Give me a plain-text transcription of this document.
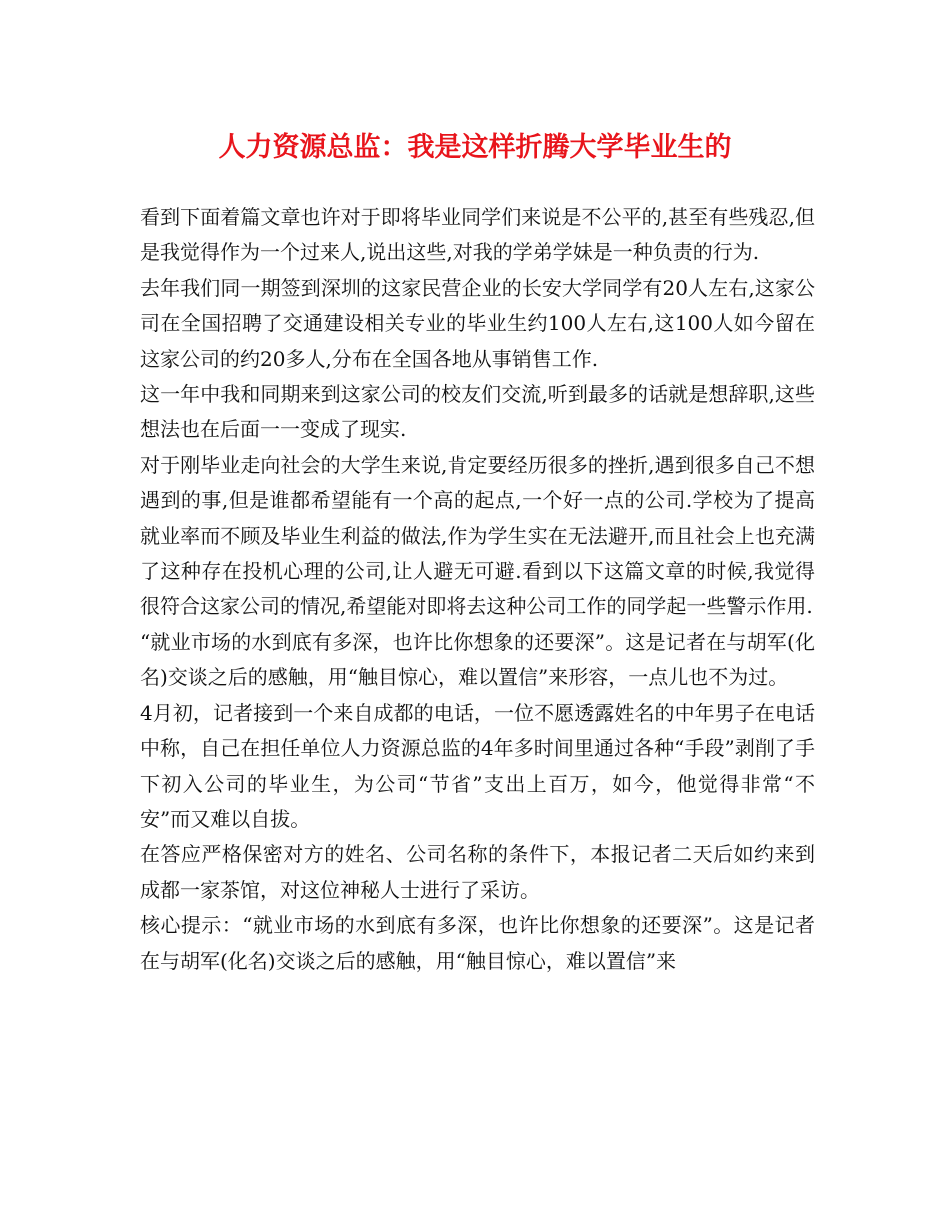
人力资源总监：我是这样折腾大学毕业生的

看到下面着篇文章也许对于即将毕业同学们来说是不公平的,甚至有些残忍,但是我觉得作为一个过来人,说出这些,对我的学弟学妹是一种负责的行为.

去年我们同一期签到深圳的这家民营企业的长安大学同学有20人左右,这家公司在全国招聘了交通建设相关专业的毕业生约100人左右,这100人如今留在这家公司的约20多人,分布在全国各地从事销售工作.

这一年中我和同期来到这家公司的校友们交流,听到最多的话就是想辞职,这些想法也在后面一一变成了现实.

对于刚毕业走向社会的大学生来说,肯定要经历很多的挫折,遇到很多自己不想遇到的事,但是谁都希望能有一个高的起点,一个好一点的公司.学校为了提高就业率而不顾及毕业生利益的做法,作为学生实在无法避开,而且社会上也充满了这种存在投机心理的公司,让人避无可避.看到以下这篇文章的时候,我觉得很符合这家公司的情况,希望能对即将去这种公司工作的同学起一些警示作用.

“就业市场的水到底有多深，也许比你想象的还要深”。这是记者在与胡军(化名)交谈之后的感触，用“触目惊心，难以置信”来形容，一点儿也不为过。

4月初，记者接到一个来自成都的电话，一位不愿透露姓名的中年男子在电话中称，自己在担任单位人力资源总监的4年多时间里通过各种“手段”剥削了手下初入公司的毕业生，为公司“节省”支出上百万，如今，他觉得非常“不安”而又难以自拔。

在答应严格保密对方的姓名、公司名称的条件下，本报记者二天后如约来到成都一家茶馆，对这位神秘人士进行了采访。

核心提示：“就业市场的水到底有多深，也许比你想象的还要深”。这是记者在与胡军(化名)交谈之后的感触，用“触目惊心，难以置信”来
